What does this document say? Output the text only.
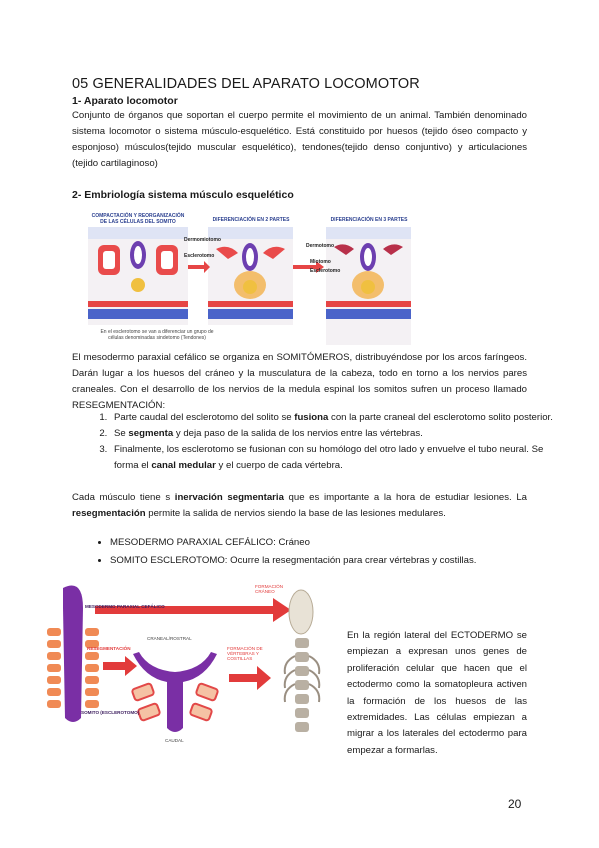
05 GENERALIDADES DEL APARATO LOCOMOTOR
1- Aparato locomotor
Conjunto de órganos que soportan el cuerpo permite el movimiento de un animal. También denominado sistema locomotor o sistema músculo-esquelético. Está constituido por huesos (tejido óseo compacto y esponjoso) músculos(tejido muscular esquelético), tendones(tejido denso conjuntivo) y articulaciones (tejido cartilaginoso)
2- Embriología sistema músculo esquelético
COMPACTACIÓN Y REORGANIZACIÓN DE LAS CÉLULAS DEL SOMITO	DIFERENCIACIÓN EN 2 PARTES	DIFERENCIACIÓN EN 3 PARTES
Dermomiotomo
Esclerotomo
Dermotomo
Miotomo
Esclerotomo
En el esclerotomo se van a diferenciar un grupo de células denominadas sindetomo (Tendones)
El mesodermo paraxial cefálico se organiza en SOMITÓMEROS, distribuyéndose por los arcos faríngeos. Darán lugar a los huesos del cráneo y la musculatura de la cabeza, todo en torno a los nervios pares craneales. Con el desarrollo de los nervios de la medula espinal los somitos sufren un proceso llamado RESEGMENTACIÓN:
1. Parte caudal del esclerotomo del solito se fusiona con la parte craneal del esclerotomo solito posterior.
2. Se segmenta y deja paso de la salida de los nervios entre las vértebras.
3. Finalmente, los esclerotomo se fusionan con su homólogo del otro lado y envuelve el tubo neural. Se forma el canal medular y el cuerpo de cada vértebra.
Cada músculo tiene s inervación segmentaria que es importante a la hora de estudiar lesiones. La resegmentación permite la salida de nervios siendo la base de las lesiones medulares.
• MESODERMO PARAXIAL CEFÁLICO: Cráneo
• SOMITO ESCLEROTOMO: Ocurre la resegmentación para crear vértebras y costillas.
MESODERMO PARAXIAL CEFÁLICO
RESEGMENTACIÓN
SOMITO (ESCLEROTOMO)
CRANEAL/ROSTRAL
CAUDAL
FORMACIÓN DE VÉRTEBRAS Y COSTILLAS
FORMACIÓN CRÁNEO
En la región lateral del ECTODERMO se empiezan a expresan unos genes de proliferación celular que hacen que el ectodermo como la somatopleura activen la formación de los huesos de las extremidades. Las células empiezan a migrar a los laterales del ectodermo para empezar a formarlas.
20
